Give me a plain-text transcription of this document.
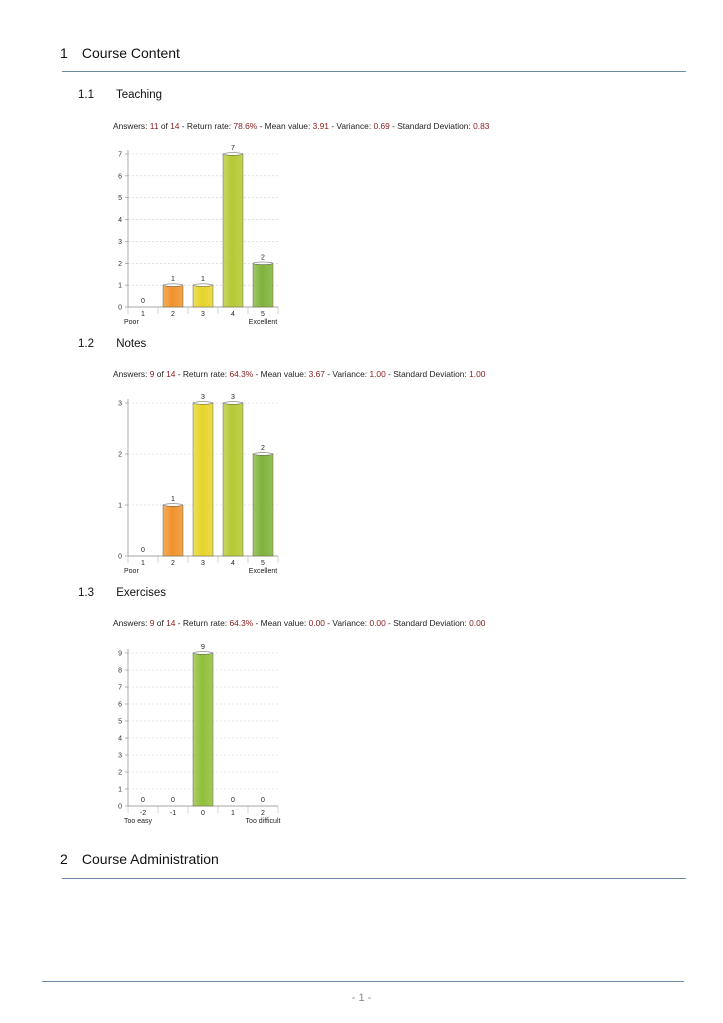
1 Course Content
1.1 Teaching
Answers: 11 of 14 - Return rate: 78.6% - Mean value: 3.91 - Variance: 0.69 - Standard Deviation: 0.83
0
1
2
3
4
5
6
7
0
1
1
2
1
3
7
4
2
5
Poor	Excellent
1.2 Notes
Answers: 9 of 14 - Return rate: 64.3% - Mean value: 3.67 - Variance: 1.00 - Standard Deviation: 1.00
0
1
2
3
0
1
1
2
3
3
3
4
2
5
Poor	Excellent
1.3 Exercises
Answers: 9 of 14 - Return rate: 64.3% - Mean value: 0.00 - Variance: 0.00 - Standard Deviation: 0.00
0
1
2
3
4
5
6
7
8
9
0
-2
0
-1
9
0
0
1
0
2
Too easy	Too difficult
2 Course Administration
- 1 -
